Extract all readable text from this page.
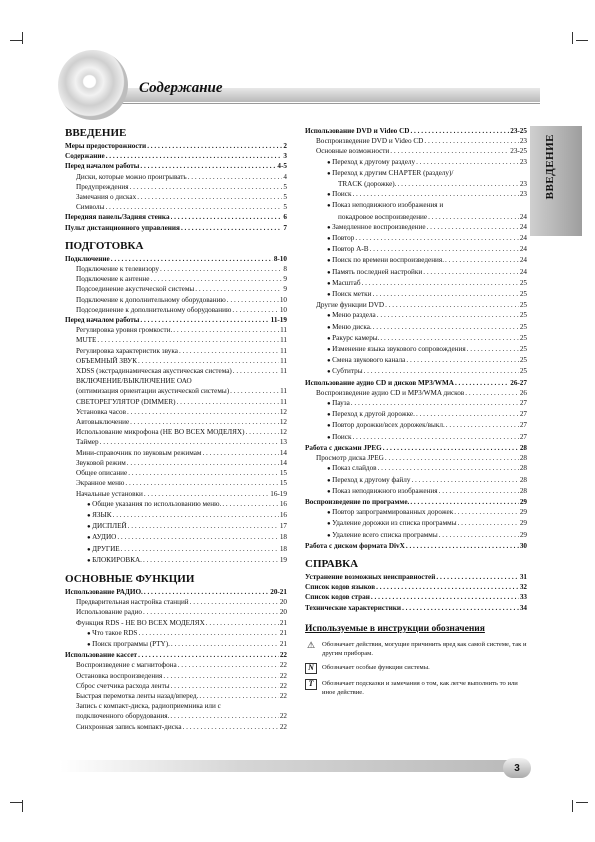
Содержание
ВВЕДЕНИЕ
ВВЕДЕНИЕ
Меры предосторожности . . .	2
Содержание . . .	3
Перед началом работы . . .	4-5
Диски, которые можно проигрывать . . .	4
Предупреждения . . .	5
Замечания о дисках . . .	5
Символы . . .	5
Передняя панель/Задняя стенка . . .	6
Пульт дистанционного управления . . .	7
ПОДГОТОВКА
Подключение . . .	8-10
Подключение к телевизору . . .	8
Подключение к антенне . . .	9
Подсоединение акустической системы . . .	9
Подключение к дополнительному оборудованию . . .	10
Подсоединение к дополнительному оборудованию . . .	10
Перед началом работы . . .	11-19
Регулировка уровня громкости. . . .	11
MUTE . . .	11
Регулировка характеристик звука . . .	11
ОБЪЕМНЫЙ ЗВУК . . .	11
XDSS (экстрадинамическая акустическая система) . . .	11
ВКЛЮЧЕНИЕ/ВЫКЛЮЧЕНИЕ ОАО
(оптимизация ориентации акустической системы) . . .	11
СВЕТОРЕГУЛЯТОР (DIMMER) . . .	11
Установка часов . . .	12
Автовыключение . . .	12
Использование микрофона (НЕ ВО ВСЕХ МОДЕЛЯХ) . . .	12
Таймер . . .	13
Мини-справочник по звуковым режимам . . .	14
Звуковой режим . . .	14
Общее описание . . .	15
Экранное меню . . .	15
Начальные установки . . .	16-19
● Общие указания по использованию меню. . . .	16
● ЯЗЫК . . .	16
● ДИСПЛЕЙ . . .	17
● АУДИО . . .	18
● ДРУГИЕ . . .	18
● БЛОКИРОВКА. . . .	19
ОСНОВНЫЕ ФУНКЦИИ
Использование РАДИО. . . .	20-21
Предварительная настройка станций . . .	20
Использование радио . . .	20
Функция RDS - НЕ ВО ВСЕХ МОДЕЛЯХ . . .	21
● Что такое RDS . . .	21
● Поиск программы (PTY). . . .	21
Использование кассет . . .	22
Воспроизведение с магнитофона . . .	22
Остановка воспроизведения . . .	22
Сброс счетчика расхода ленты . . .	22
Быстрая перемотка ленты назад/вперед. . . .	22
Запись с компакт-диска, радиоприемника или с
подключенного оборудования. . . .	22
Синхронная запись компакт-диска . . .	22
Использование DVD и Video CD . . .	23-25
Воспроизведение DVD и Video CD . . .	23
Основные возможности . . .	23-25
● Переход к другому разделу . . .	23
● Переход к другим CHAPTER (разделу)/
TRACK (дорожке). . . .	23
● Поиск . . .	23
● Показ неподвижного изображения и
покадровое воспроизведение . . .	24
● Замедленное воспроизведение . . .	24
● Повтор . . .	24
● Повтор A-B . . .	24
● Поиск по времени воспроизведения. . . .	24
● Память последней настройки . . .	24
● Масштаб . . .	25
● Поиск метки . . .	25
Другие функции DVD . . .	25
● Меню раздела . . .	25
● Меню диска. . . .	25
● Ракурс камеры. . . .	25
● Изменение языка звукового сопровождения . . .	25
● Смена звукового канала . . .	25
● Субтитры . . .	25
Использование аудио CD и дисков MP3/WMA . . .	26-27
Воспроизведение аудио CD и MP3/WMA дисков . . .	26
● Пауза . . .	27
● Переход к другой дорожке. . . .	27
● Повтор дорожки/всех дорожек/выкл. . . .	27
● Поиск . . .	27
Работа с дисками JPEG . . .	28
Просмотр диска JPEG . . .	28
● Показ слайдов . . .	28
● Переход к другому файлу . . .	28
● Показ неподвижного изображения . . .	28
Воспроизведение по программе. . . .	29
● Повтор запрограммированных дорожек . . .	29
● Удаление дорожки из списка программы . . .	29
● Удаление всего списка программы . . .	29
Работа с диском формата DivX . . .	30
СПРАВКА
Устранение возможных неисправностей . . .	31
Список кодов языков . . .	32
Список кодов стран . . .	33
Технические характеристики . . .	34
Используемые в инструкции обозначения
⚠ Обозначает действия, могущие причинить вред как самой системе, так и другим приборам.
N	Обозначает особые функции системы.
T	Обозначает подсказки и замечания о том, как легче выполнить то или иное действие.
3
